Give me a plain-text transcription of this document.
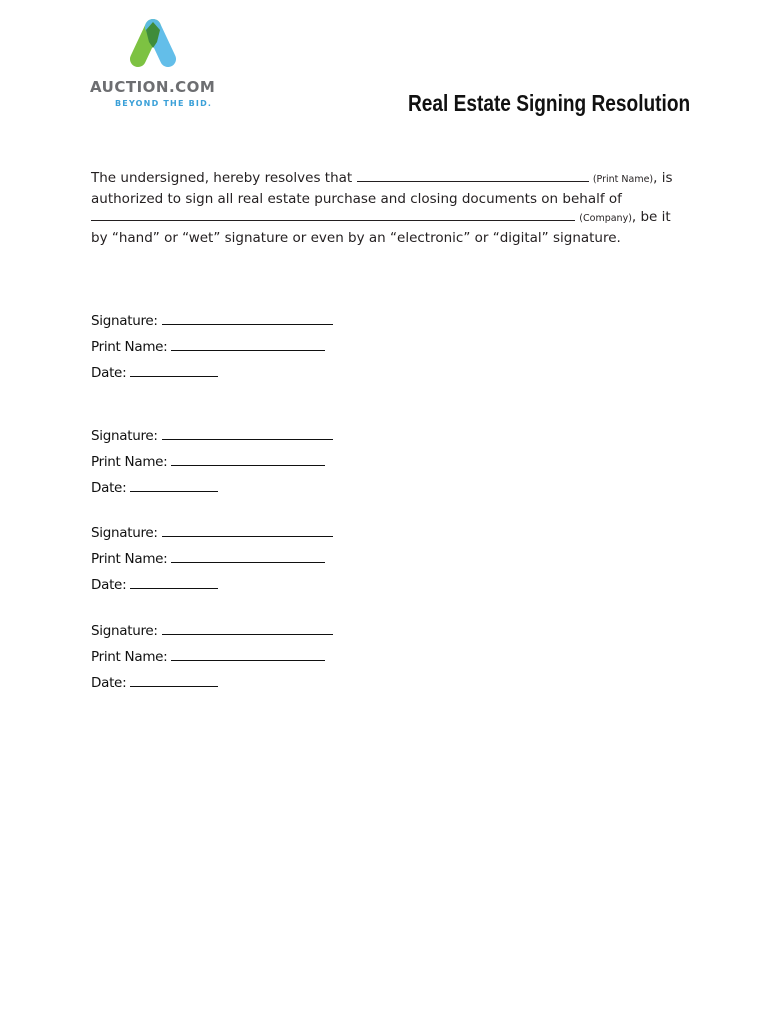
AUCTION.COM
BEYOND THE BID.	Real Estate Signing Resolution
The undersigned, hereby resolves that	(Print Name), is
authorized to sign all real estate purchase and closing documents on behalf of
(Company), be it
by “hand” or “wet” signature or even by an “electronic” or “digital” signature.
Signature:
Print Name:
Date:
Signature:
Print Name:
Date:
Signature:
Print Name:
Date:
Signature:
Print Name:
Date:
